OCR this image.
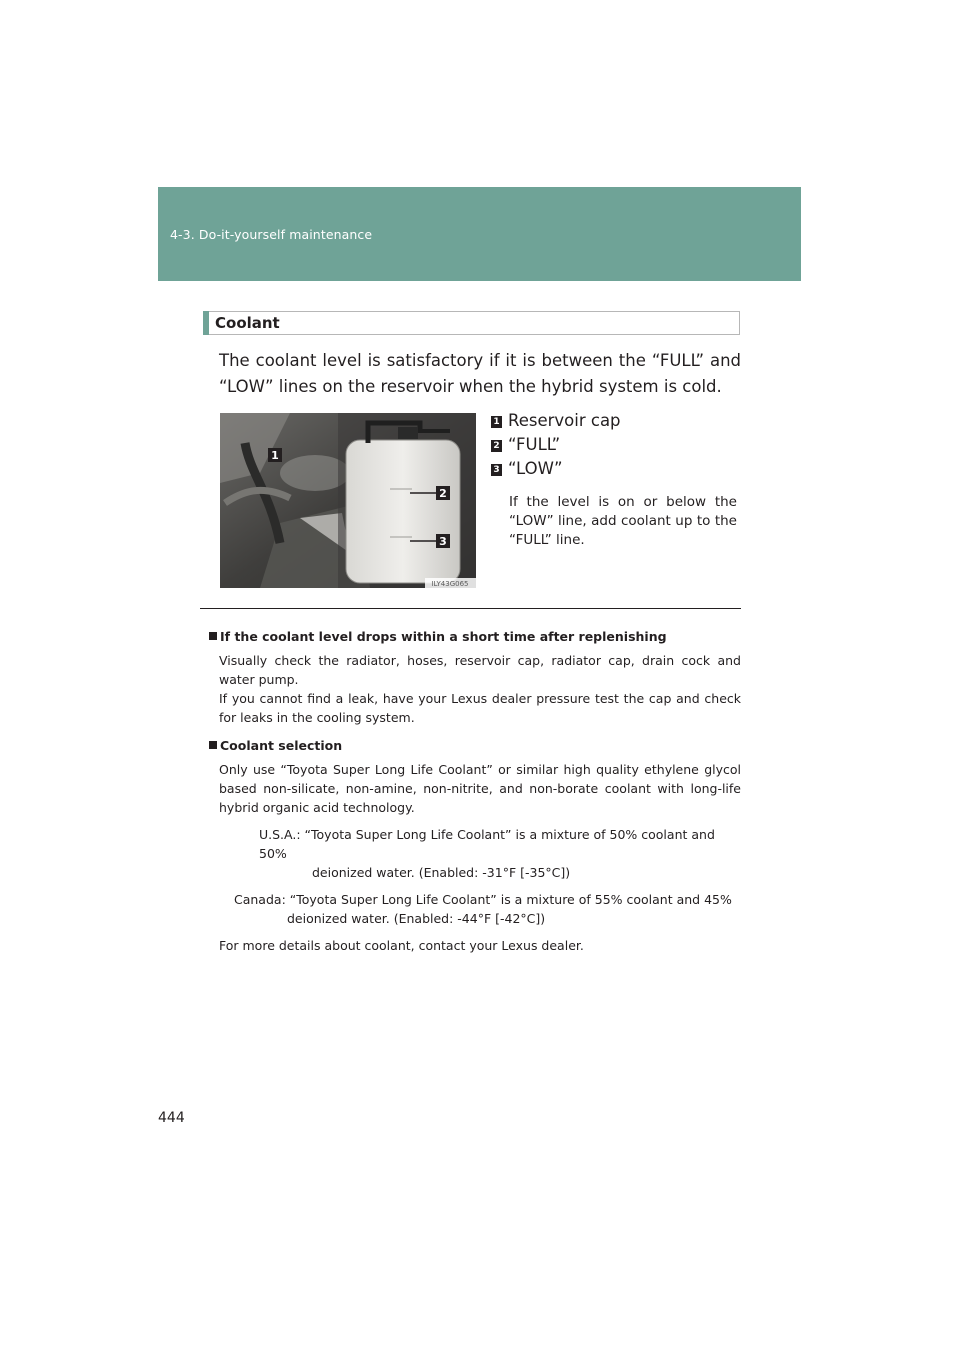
4-3. Do-it-yourself maintenance
Coolant
The coolant level is satisfactory if it is between the “FULL” and “LOW” lines on the reservoir when the hybrid system is cold.
1
2
3
ILY43G065
1 Reservoir cap
2 “FULL”
3 “LOW”
If the level is on or below the “LOW” line, add coolant up to the “FULL” line.
If the coolant level drops within a short time after replenishing
Visually check the radiator, hoses, reservoir cap, radiator cap, drain cock and water pump.
If you cannot find a leak, have your Lexus dealer pressure test the cap and check for leaks in the cooling system.
Coolant selection
Only use “Toyota Super Long Life Coolant” or similar high quality ethylene glycol based non-silicate, non-amine, non-nitrite, and non-borate coolant with long-life hybrid organic acid technology.
U.S.A.: “Toyota Super Long Life Coolant” is a mixture of 50% coolant and 50%
deionized water. (Enabled: -31°F [-35°C])
Canada: “Toyota Super Long Life Coolant” is a mixture of 55% coolant and 45%
deionized water. (Enabled: -44°F [-42°C])
For more details about coolant, contact your Lexus dealer.
444
